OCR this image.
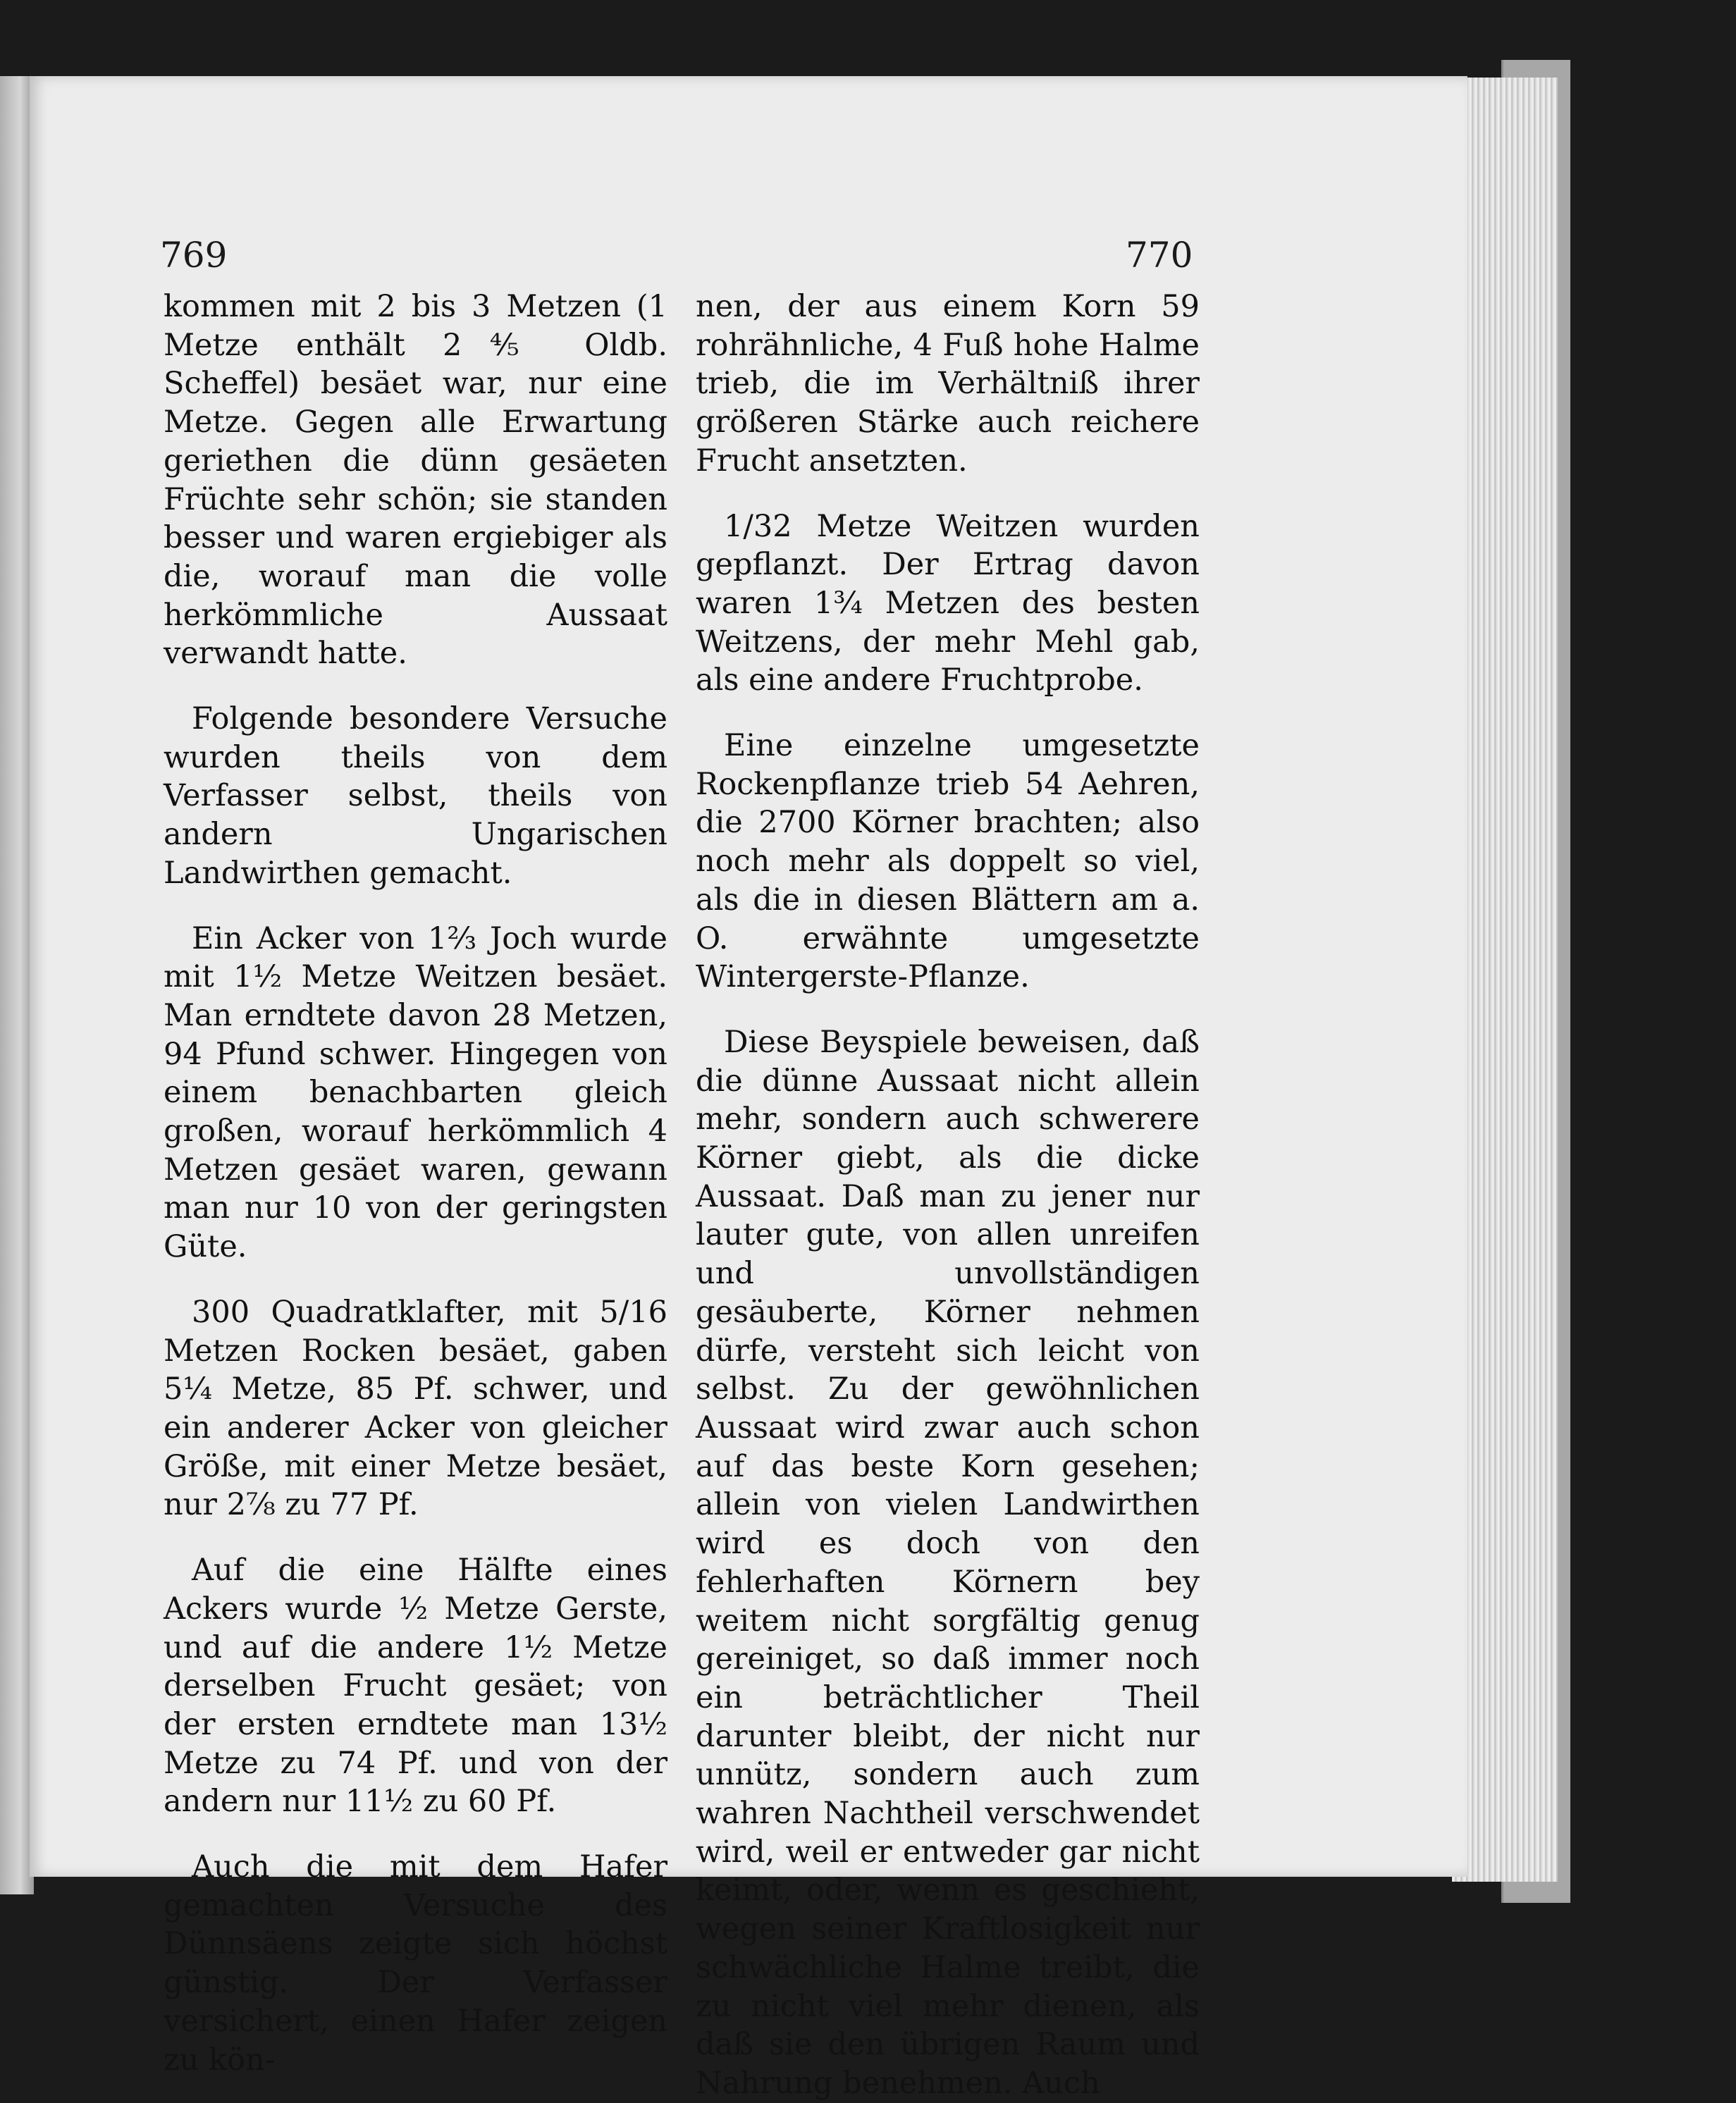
769	770

kommen mit 2 bis 3 Metzen (1 Metze enthält 2⅘ Oldb. Scheffel) besäet war, nur eine Metze. Gegen alle Erwartung geriethen die dünn gesäeten Früchte sehr schön; sie standen besser und waren ergiebiger als die, worauf man die volle herkömmliche Aussaat verwandt hatte.

Folgende besondere Versuche wurden theils von dem Verfasser selbst, theils von andern Ungarischen Landwirthen gemacht.

Ein Acker von 1⅔ Joch wurde mit 1½ Metze Weitzen besäet. Man erndtete davon 28 Metzen, 94 Pfund schwer. Hingegen von einem benachbarten gleich großen, worauf herkömmlich 4 Metzen gesäet waren, gewann man nur 10 von der geringsten Güte.

300 Quadratklafter, mit 5/16 Metzen Rocken besäet, gaben 5¼ Metze, 85 Pf. schwer, und ein anderer Acker von gleicher Größe, mit einer Metze besäet, nur 2⅞ zu 77 Pf.

Auf die eine Hälfte eines Ackers wurde ½ Metze Gerste, und auf die andere 1½ Metze derselben Frucht gesäet; von der ersten erndtete man 13½ Metze zu 74 Pf. und von der andern nur 11½ zu 60 Pf.

Auch die mit dem Hafer gemachten Versuche des Dünnsäens zeigte sich höchst günstig. Der Verfasser versichert, einen Hafer zeigen zu kön-

nen, der aus einem Korn 59 rohrähnliche, 4 Fuß hohe Halme trieb, die im Verhältniß ihrer größeren Stärke auch reichere Frucht ansetzten.

1/32 Metze Weitzen wurden gepflanzt. Der Ertrag davon waren 1¾ Metzen des besten Weitzens, der mehr Mehl gab, als eine andere Fruchtprobe.

Eine einzelne umgesetzte Rockenpflanze trieb 54 Aehren, die 2700 Körner brachten; also noch mehr als doppelt so viel, als die in diesen Blättern am a. O. erwähnte umgesetzte Wintergerste-Pflanze.

Diese Beyspiele beweisen, daß die dünne Aussaat nicht allein mehr, sondern auch schwerere Körner giebt, als die dicke Aussaat. Daß man zu jener nur lauter gute, von allen unreifen und unvollständigen gesäuberte, Körner nehmen dürfe, versteht sich leicht von selbst. Zu der gewöhnlichen Aussaat wird zwar auch schon auf das beste Korn gesehen; allein von vielen Landwirthen wird es doch von den fehlerhaften Körnern bey weitem nicht sorgfältig genug gereiniget, so daß immer noch ein beträchtlicher Theil darunter bleibt, der nicht nur unnütz, sondern auch zum wahren Nachtheil verschwendet wird, weil er entweder gar nicht keimt, oder, wenn es geschieht, wegen seiner Kraftlosigkeit nur schwächliche Halme treibt, die zu nicht viel mehr dienen, als daß sie den übrigen Raum und Nahrung benehmen. Auch
